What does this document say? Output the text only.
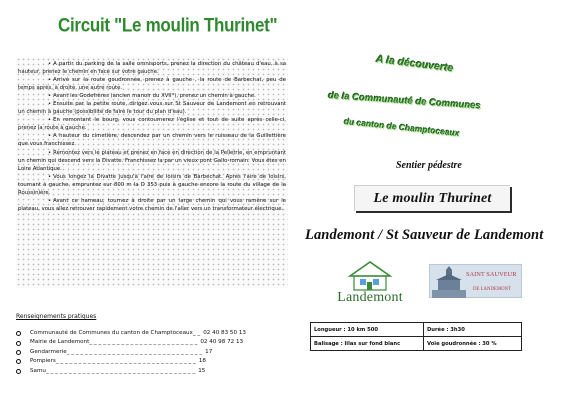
Circuit "Le moulin Thurinet"

• A partir du parking de la salle omnisports, prenez la direction du château d'eau, à sa hauteur, prenez le chemin en face sur votre gauche.

• Arrivé sur la route goudronnée, prenez à gauche , la route de Barbechat, peu de temps après, à droite, une autre route.

• Avant les Godefrères (ancien manoir du XVII°), prenez un chemin à gauche.

• Ensuite par la petite route, dirigez vous sur St Sauveur de Landemont en retrouvant un chemin à gauche (possibilité de faire le tour du plan d'eau).

• En remontant le bourg, vous contournerez l'église et tout de suite après celle-ci, prenez la route à gauche.

• A hauteur du cimetière, descendez par un chemin vers le ruisseau de la Guillettière que vous franchissez.

• Remontez vers le plateau et prenez en face en direction de la Pelletrie, en empruntant un chemin qui descend vers la Divatte. Franchissez la par un vieux pont Gallo-romain. Vous êtes en Loire Atlantique.

• Vous longez la Divatte jusqu'à l'aire de loisirs de Barbechat. Après l'aire de loisirs, tournant à gauche, empruntez sur 800 m la D 353 puis à gauche encore la route du village de la Roussinière.

• Avant ce hameau, tournez à droite par un large chemin qui vous ramène sur le plateau, vous allez retrouver rapidement votre chemin de l'aller vers un transformateur électrique.

Renseignements pratiques
Communauté de Communes du canton de Champtoceaux _ _ 02 40 83 50 13
Mairie de Landemont _ _ _ _ _ _ _ _ _ _ _ _ _ _ _ _ _ _ _ _ _ _ _ _ 02 40 98 72 13
Gendarmerie _ _ _ _ _ _ _ _ _ _ _ _ _ _ _ _ _ _ _ _ _ _ _ _ _ _ _ _ _ _ 17
Pompiers _ _ _ _ _ _ _ _ _ _ _ _ _ _ _ _ _ _ _ _ _ _ _ _ _ _ _ _ _ _ _ 18
Samu _ _ _ _ _ _ _ _ _ _ _ _ _ _ _ _ _ _ _ _ _ _ _ _ _ _ _ _ _ _ _ _ _ 15
A la découverte
de la Communauté de Communes
du canton de Champtoceaux
Sentier pédestre
Le moulin Thurinet
Landemont / St Sauveur de Landemont
Landemont
SAINT SAUVEUR
DE LANDEMONT
Longueur : 10 km 500	Durée : 3h30
Balisage : lilas sur fond blanc	Voie goudronnée : 30 %
